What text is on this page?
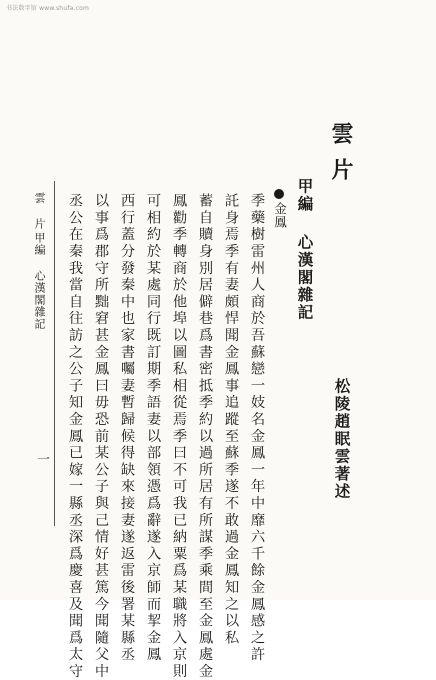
书法数字馆 www.shufa.com
雲片
松陵趙眠雲著述
甲編 心漢閣雜記
金鳳
季藥樹雷州人商於吾蘇戀一妓名金鳳一年中靡六千餘金鳳感之許
託身焉季有妻頗悍聞金鳳事追蹤至蘇季遂不敢過金鳳知之以私
蓄自贖身別居僻巷爲書密抵季約以過所居有所謀季乘間至金鳳處金
鳳勸季轉商於他埠以圖私相從焉季曰不可我已納粟爲某職將入京則
可相約於某處同行既訂期季語妻以部領憑爲辭遂入京師而挈金鳳
西行蓋分發秦中也家書囑妻暫歸候得缺來接妻遂返雷後署某縣丞
以事爲郡守所黜窘甚金鳳曰毋恐前某公子與己情好甚篤今聞隨父中
丞公在秦我當自往訪之公子知金鳳已嫁一縣丞深爲慶喜及聞爲太守
雲 片
甲編 心漢閣雜記
一
